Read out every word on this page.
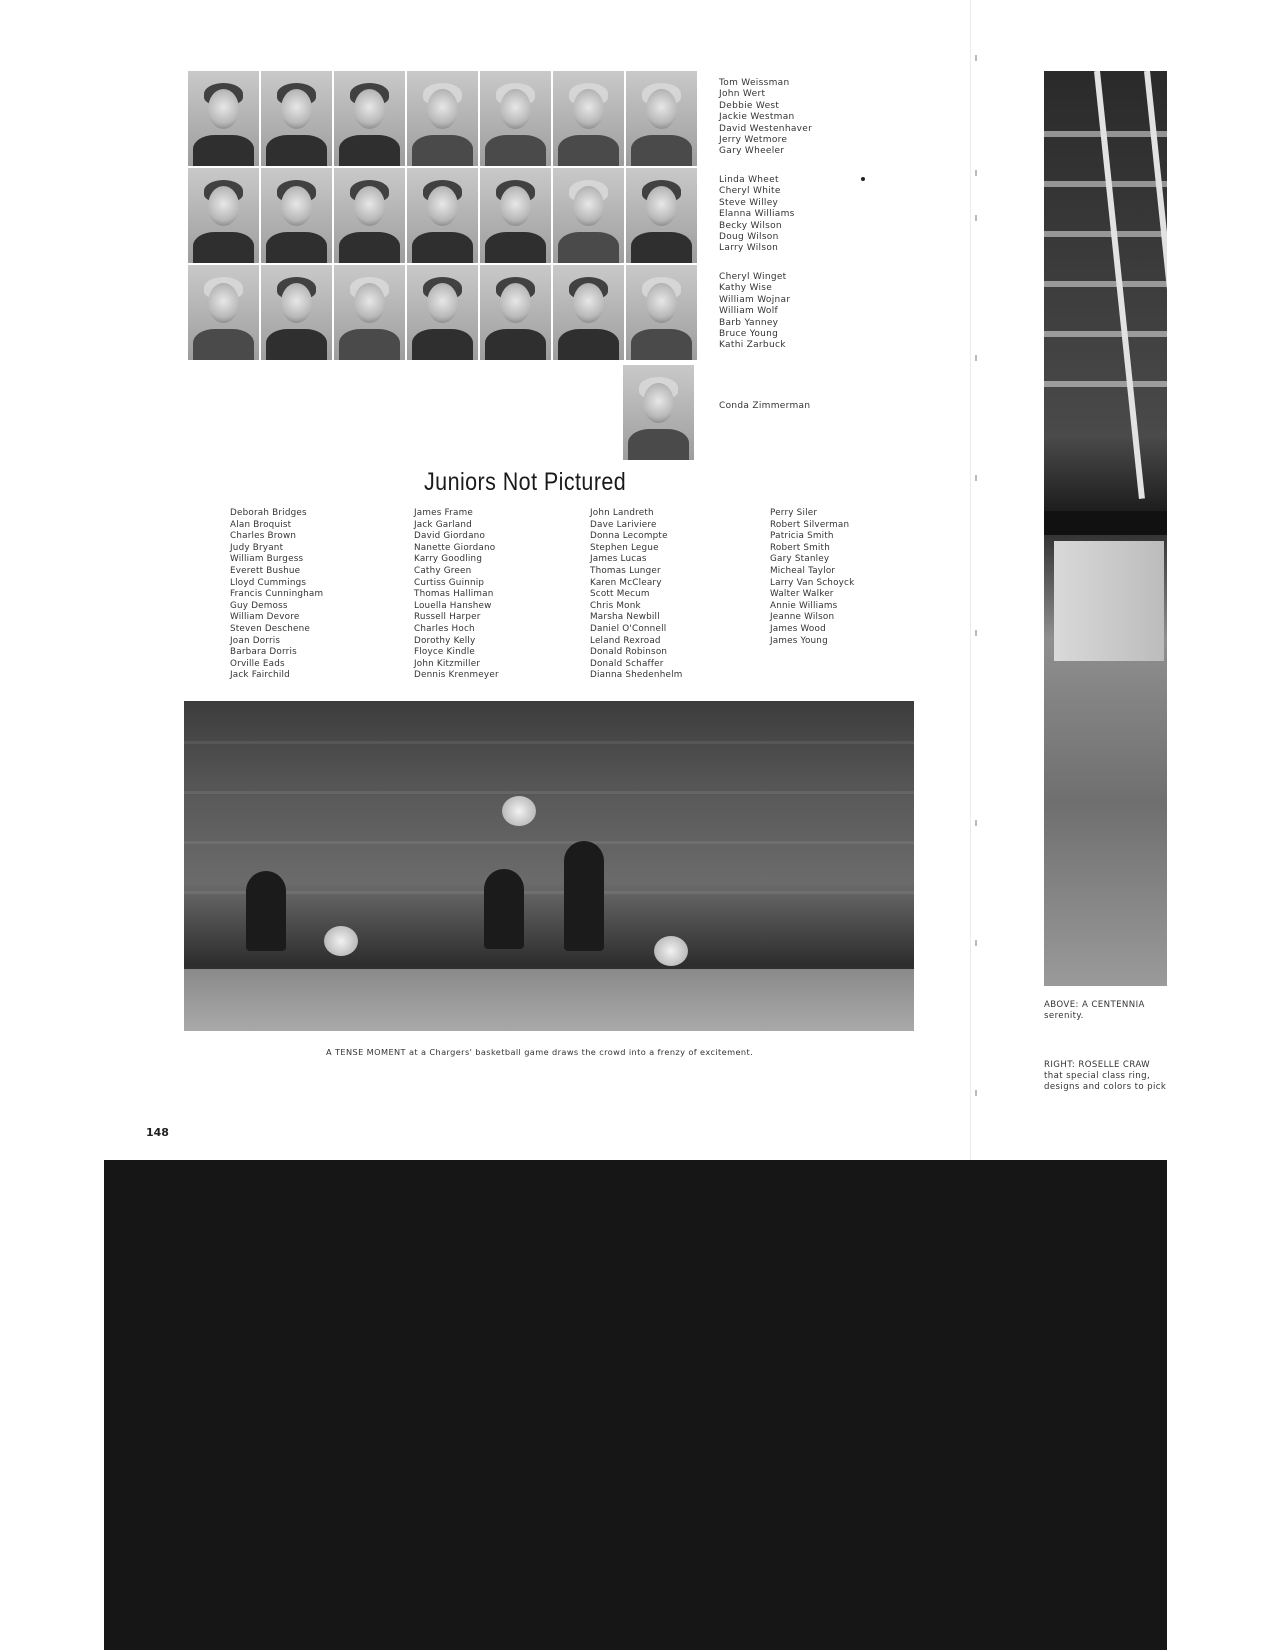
Tom Weissman
John Wert
Debbie West
Jackie Westman
David Westenhaver
Jerry Wetmore
Gary Wheeler
Linda Wheet
Cheryl White
Steve Willey
Elanna Williams
Becky Wilson
Doug Wilson
Larry Wilson
Cheryl Winget
Kathy Wise
William Wojnar
William Wolf
Barb Yanney
Bruce Young
Kathi Zarbuck
Conda Zimmerman
Juniors Not Pictured
Deborah Bridges
Alan Broquist
Charles Brown
Judy Bryant
William Burgess
Everett Bushue
Lloyd Cummings
Francis Cunningham
Guy Demoss
William Devore
Steven Deschene
Joan Dorris
Barbara Dorris
Orville Eads
Jack Fairchild
James Frame
Jack Garland
David Giordano
Nanette Giordano
Karry Goodling
Cathy Green
Curtiss Guinnip
Thomas Halliman
Louella Hanshew
Russell Harper
Charles Hoch
Dorothy Kelly
Floyce Kindle
John Kitzmiller
Dennis Krenmeyer
John Landreth
Dave Lariviere
Donna Lecompte
Stephen Legue
James Lucas
Thomas Lunger
Karen McCleary
Scott Mecum
Chris Monk
Marsha Newbill
Daniel O'Connell
Leland Rexroad
Donald Robinson
Donald Schaffer
Dianna Shedenhelm
Perry Siler
Robert Silverman
Patricia Smith
Robert Smith
Gary Stanley
Micheal Taylor
Larry Van Schoyck
Walter Walker
Annie Williams
Jeanne Wilson
James Wood
James Young
A TENSE MOMENT at a Chargers' basketball game draws the crowd into a frenzy of excitement.
148
ABOVE: A CENTENNIA
serenity.
RIGHT: ROSELLE CRAW
that special class ring,
designs and colors to pick
